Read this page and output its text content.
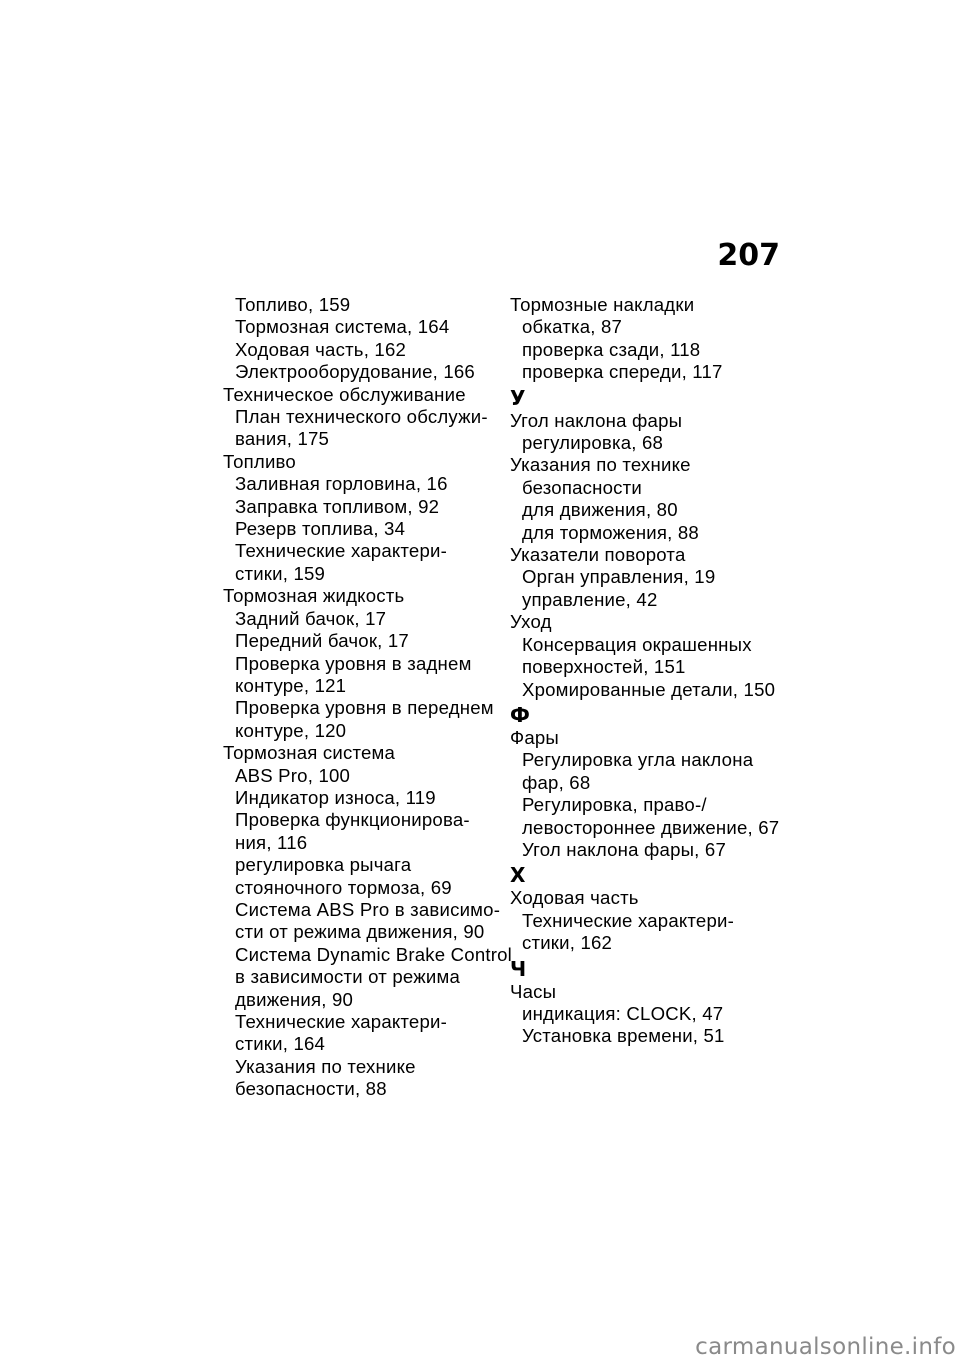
207
Топливо, 159
Тормозная система, 164
Ходовая часть, 162
Электрооборудование, 166
Техническое обслуживание
План технического обслужи-
вания, 175
Топливо
Заливная горловина, 16
Заправка топливом, 92
Резерв топлива, 34
Технические характери-
стики, 159
Тормозная жидкость
Задний бачок, 17
Передний бачок, 17
Проверка уровня в заднем
контуре, 121
Проверка уровня в переднем
контуре, 120
Тормозная система
ABS Pro, 100
Индикатор износа, 119
Проверка функционирова-
ния, 116
регулировка рычага
стояночного тормоза, 69
Система ABS Pro в зависимо-
сти от режима движения, 90
Система Dynamic Brake Control
в зависимости от режима
движения, 90
Технические характери-
стики, 164
Указания по технике
безопасности, 88
Тормозные накладки
обкатка, 87
проверка сзади, 118
проверка спереди, 117
У
Угол наклона фары
регулировка, 68
Указания по технике
безопасности
для движения, 80
для торможения, 88
Указатели поворота
Орган управления, 19
управление, 42
Уход
Консервация окрашенных
поверхностей, 151
Хромированные детали, 150
Ф
Фары
Регулировка угла наклона
фар, 68
Регулировка, право-/
левостороннее движение, 67
Угол наклона фары, 67
Х
Ходовая часть
Технические характери-
стики, 162
Ч
Часы
индикация: CLOCK, 47
Установка времени, 51
carmanualsonline.info
